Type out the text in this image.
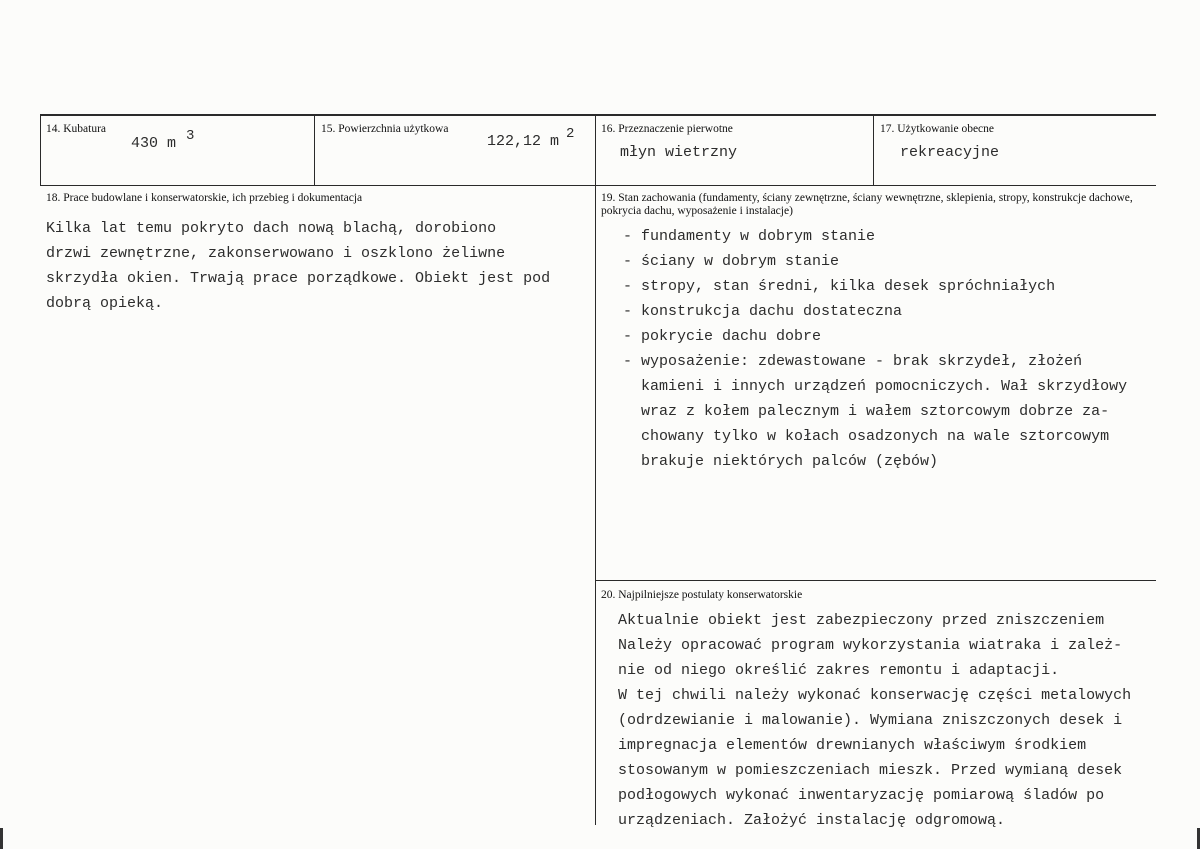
14. Kubatura
430 m 3	15. Powierzchnia użytkowa
122,12 m 2 16. Przeznaczenie pierwotne
młyn wietrzny
17. Użytkowanie obecne
rekreacyjne
18. Prace budowlane i konserwatorskie, ich przebieg i dokumentacja
Kilka lat temu pokryto dach nową blachą, dorobiono
drzwi zewnętrzne, zakonserwowano i oszklono żeliwne
skrzydła okien. Trwają prace porządkowe. Obiekt jest pod
dobrą opieką.
19. Stan zachowania (fundamenty, ściany zewnętrzne, ściany wewnętrzne, sklepienia, stropy, konstrukcje dachowe, pokrycia dachu, wyposażenie i instalacje)
- fundamenty w dobrym stanie
- ściany w dobrym stanie
- stropy, stan średni, kilka desek spróchniałych
- konstrukcja dachu dostateczna
- pokrycie dachu dobre
- wyposażenie: zdewastowane - brak skrzydeł, złożeń
kamieni i innych urządzeń pomocniczych. Wał skrzydłowy
wraz z kołem palecznym i wałem sztorcowym dobrze za-
chowany tylko w kołach osadzonych na wale sztorcowym
brakuje niektórych palców (zębów)
20. Najpilniejsze postulaty konserwatorskie
Aktualnie obiekt jest zabezpieczony przed zniszczeniem
Należy opracować program wykorzystania wiatraka i zależ-
nie od niego określić zakres remontu i adaptacji.
W tej chwili należy wykonać konserwację części metalowych
(odrdzewianie i malowanie). Wymiana zniszczonych desek i
impregnacja elementów drewnianych właściwym środkiem
stosowanym w pomieszczeniach mieszk. Przed wymianą desek
podłogowych wykonać inwentaryzację pomiarową śladów po
urządzeniach. Założyć instalację odgromową.
